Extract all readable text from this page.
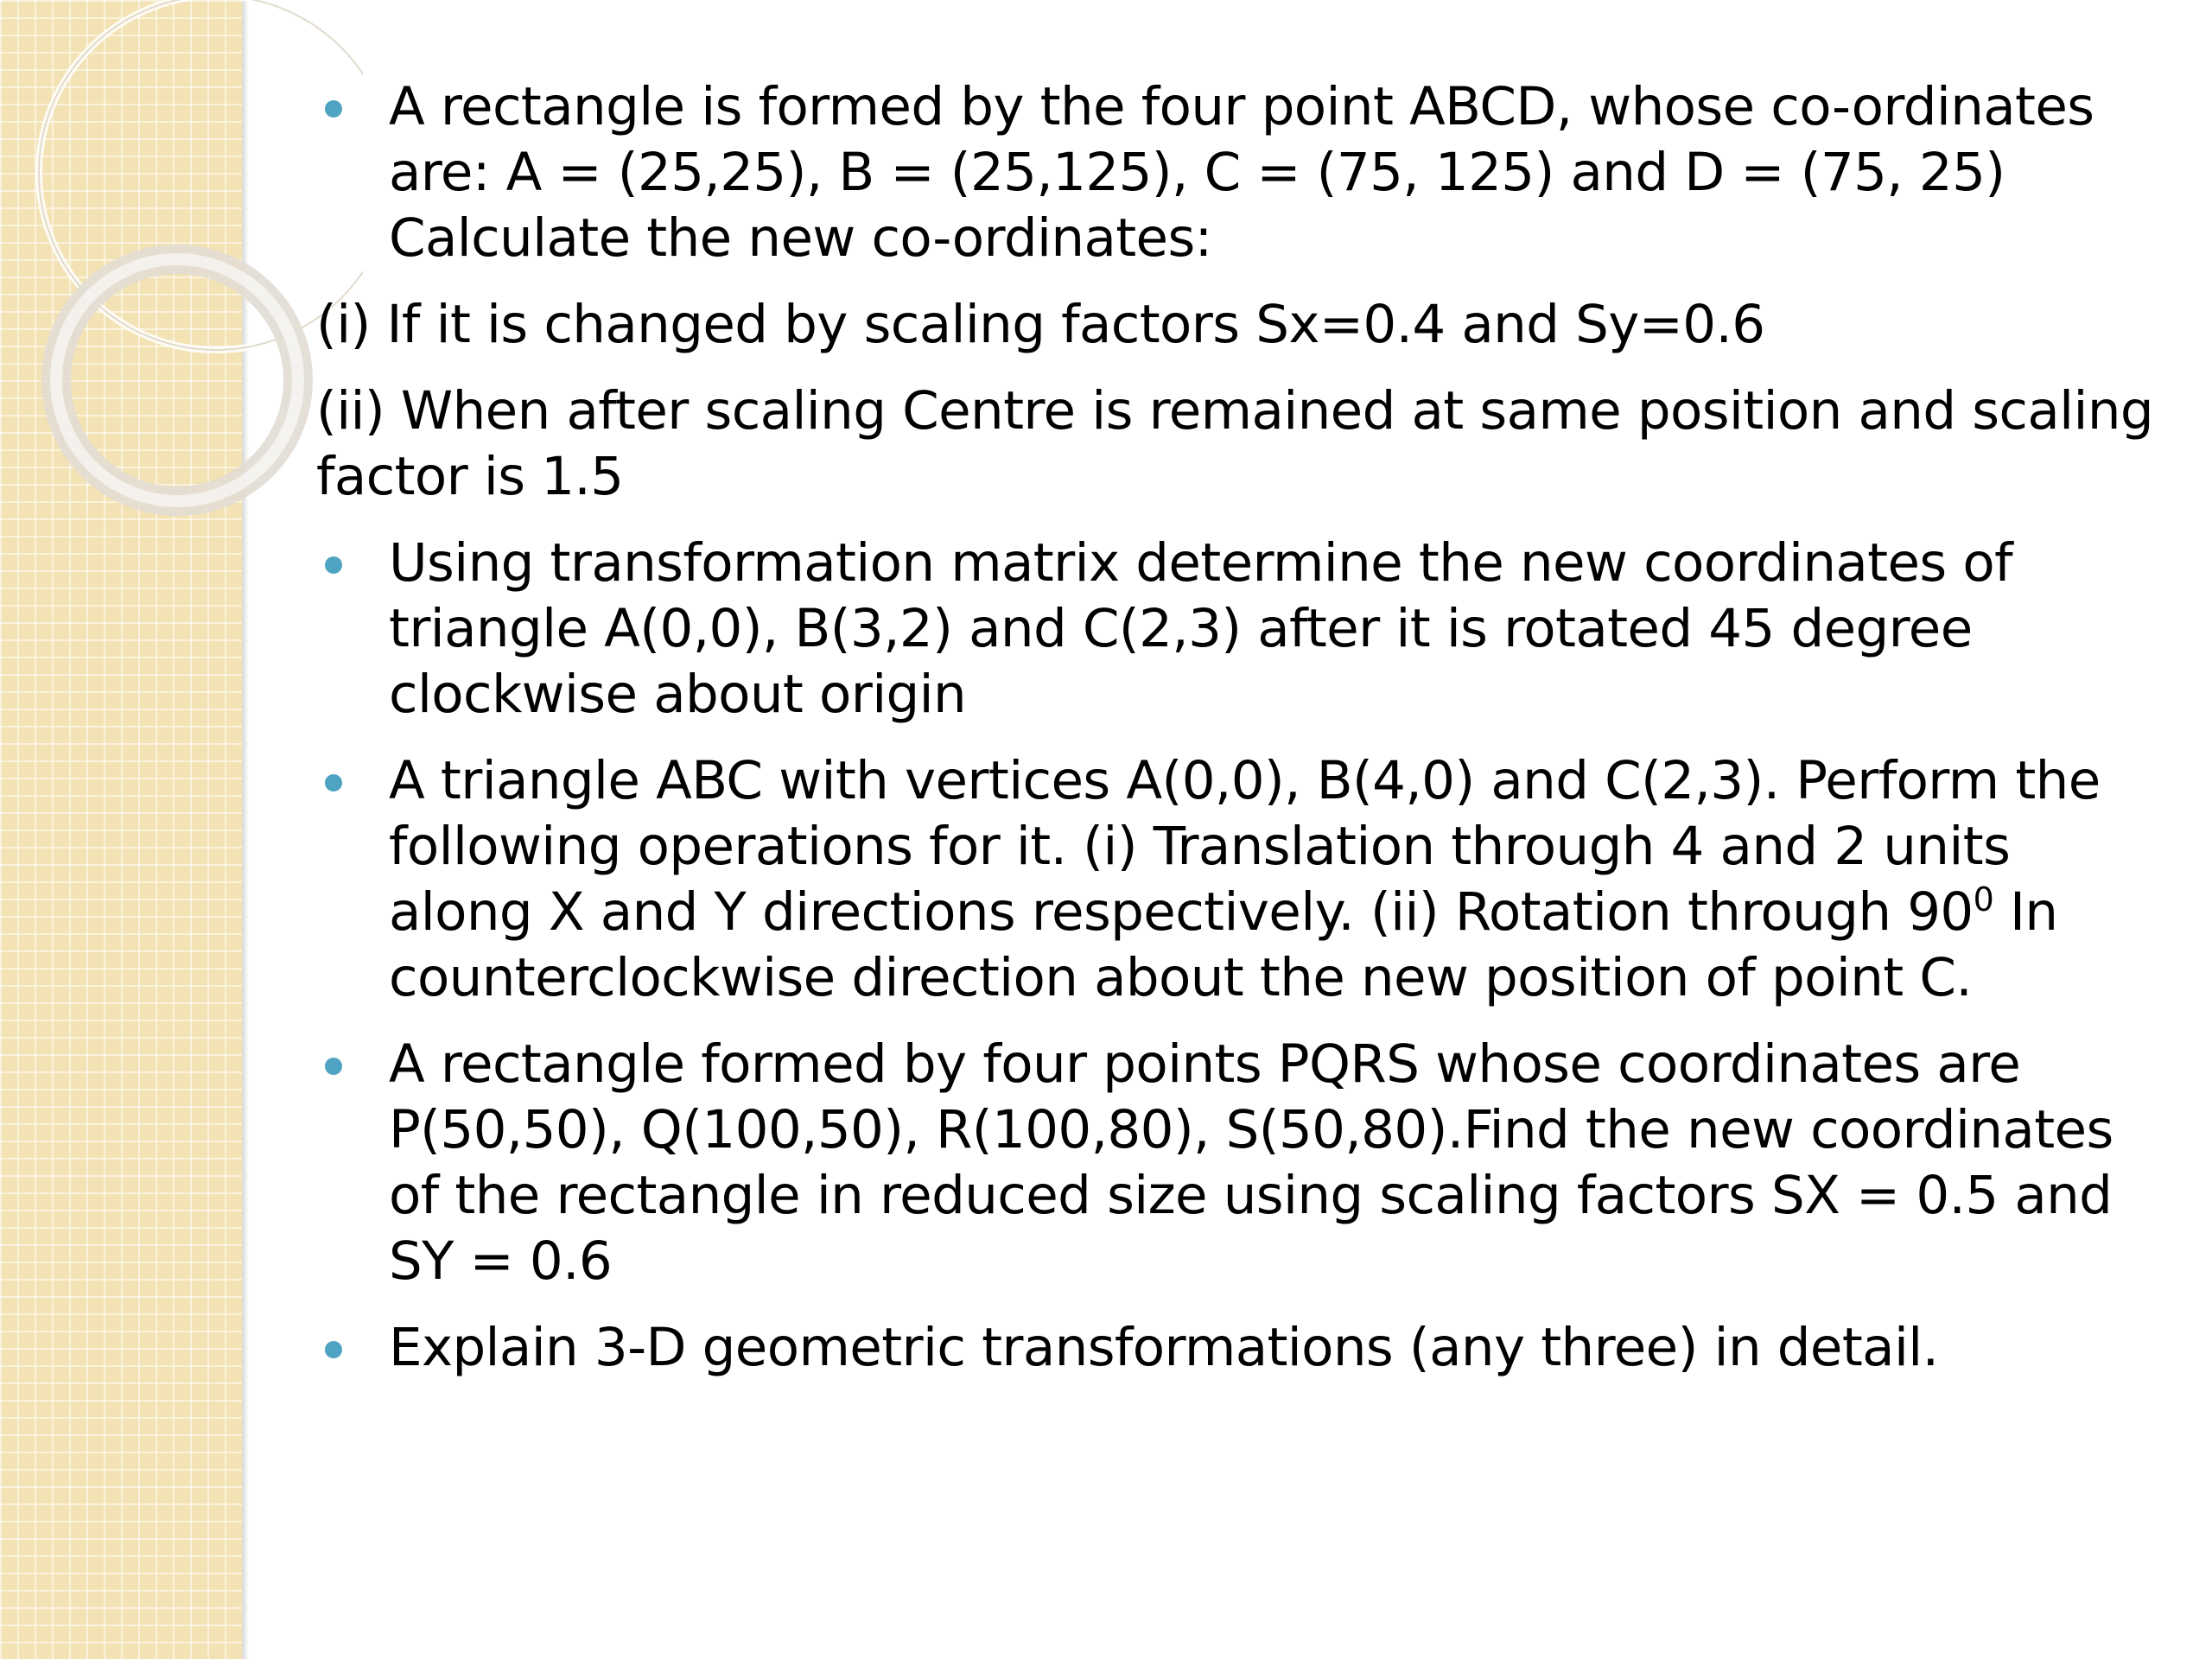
A rectangle is formed by the four point ABCD, whose co-ordinates are: A = (25,25), B = (25,125), C = (75, 125) and D = (75, 25) Calculate the new co-ordinates:
(i) If it is changed by scaling factors Sx=0.4 and Sy=0.6
(ii) When after scaling Centre is remained at same position and scaling factor is 1.5
Using transformation matrix determine the new coordinates of triangle A(0,0), B(3,2) and C(2,3) after it is rotated 45 degree clockwise about origin
A triangle ABC with vertices A(0,0), B(4,0) and C(2,3). Perform the following operations for it. (i) Translation through 4 and 2 units along X and Y directions respectively. (ii) Rotation through $90^0$ In counterclockwise direction about the new position of point C.
A rectangle formed by four points PQRS whose coordinates are P(50,50), Q(100,50), R(100,80), S(50,80).Find the new coordinates of the rectangle in reduced size using scaling factors SX = 0.5 and SY = 0.6
Explain 3-D geometric transformations (any three) in detail.
